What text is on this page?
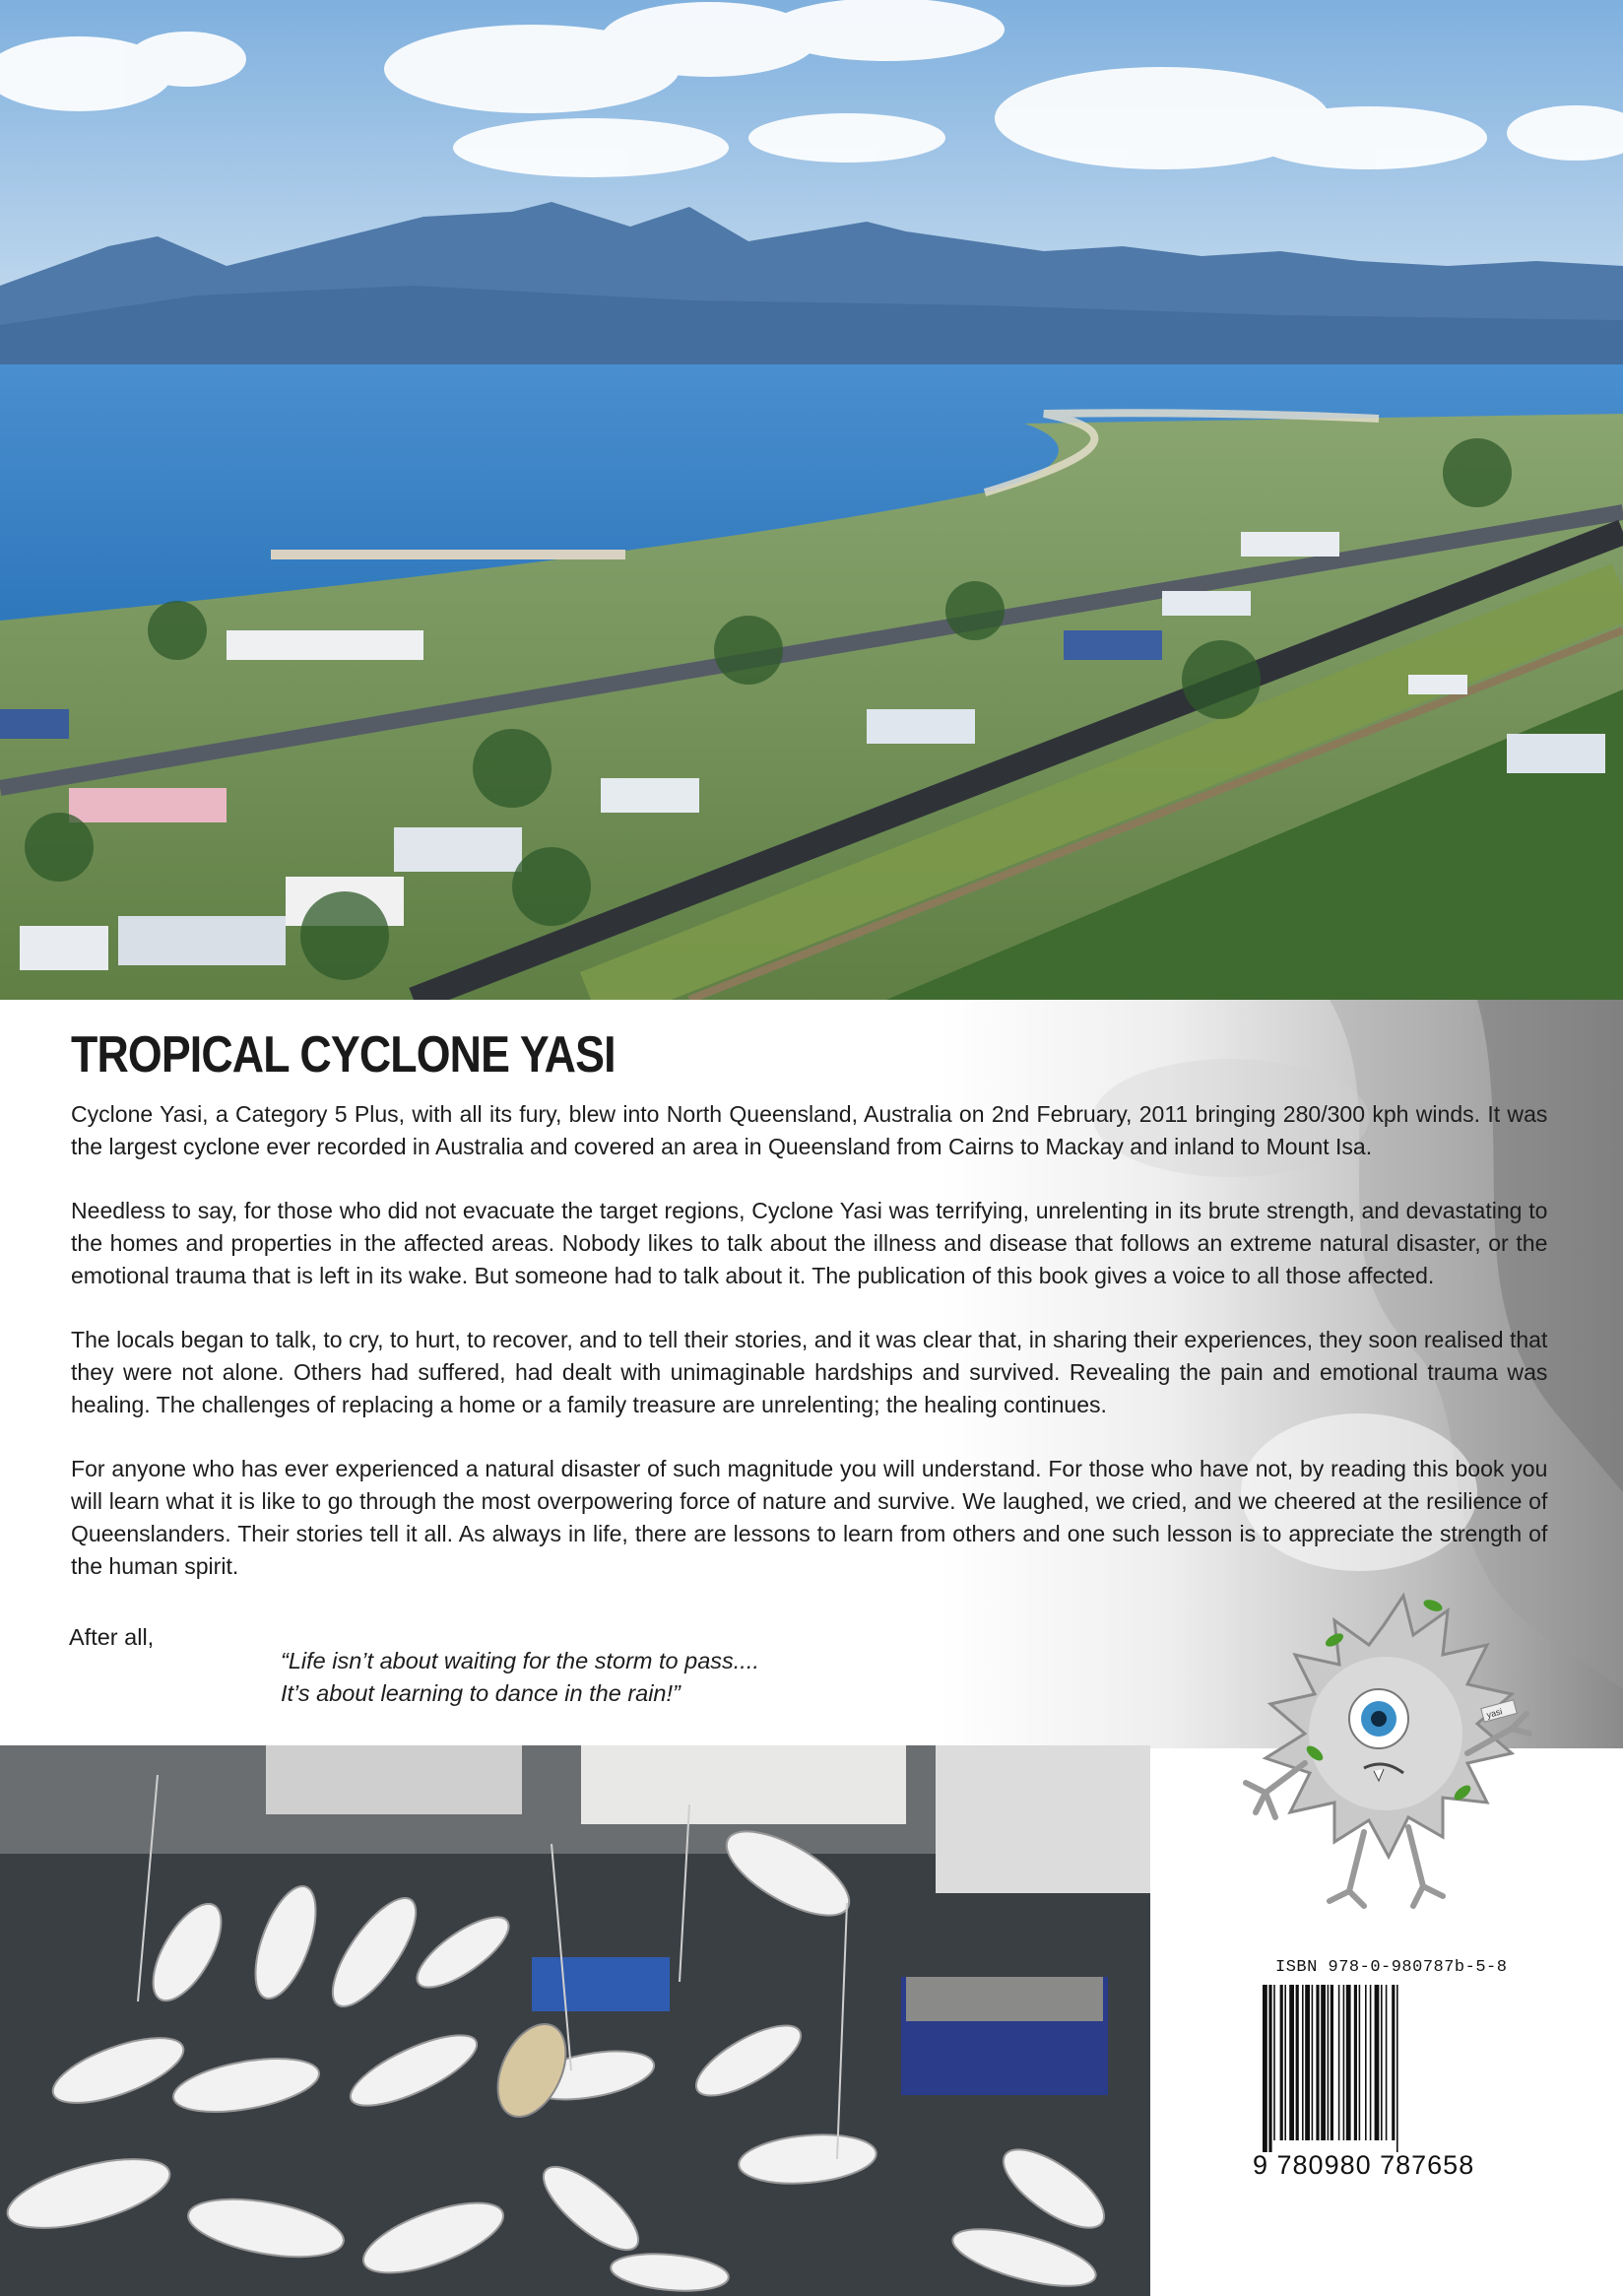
TROPICAL CYCLONE YASI

Cyclone Yasi, a Category 5 Plus, with all its fury, blew into North Queensland, Australia on 2nd February, 2011 bringing 280/300 kph winds. It was the largest cyclone ever recorded in Australia and covered an area in Queensland from Cairns to Mackay and inland to Mount Isa.

Needless to say, for those who did not evacuate the target regions, Cyclone Yasi was terrifying, unrelenting in its brute strength, and devastating to the homes and properties in the affected areas. Nobody likes to talk about the illness and disease that follows an extreme natural disaster, or the emotional trauma that is left in its wake. But someone had to talk about it. The publication of this book gives a voice to all those affected.

The locals began to talk, to cry, to hurt, to recover, and to tell their stories, and it was clear that, in sharing their experiences, they soon realised that they were not alone. Others had suffered, had dealt with unimaginable hardships and survived. Revealing the pain and emotional trauma was healing. The challenges of replacing a home or a family treasure are unrelenting; the healing continues.

For anyone who has ever experienced a natural disaster of such magnitude you will understand. For those who have not, by reading this book you will learn what it is like to go through the most overpowering force of nature and survive. We laughed, we cried, and we cheered at the resilience of Queenslanders. Their stories tell it all. As always in life, there are lessons to learn from others and one such lesson is to appreciate the strength of the human spirit.

After all,
“Life isn’t about waiting for the storm to pass....
It’s about learning to dance in the rain!”
yasi
ISBN 978-0-980787b-5-8
9 780980 787658
